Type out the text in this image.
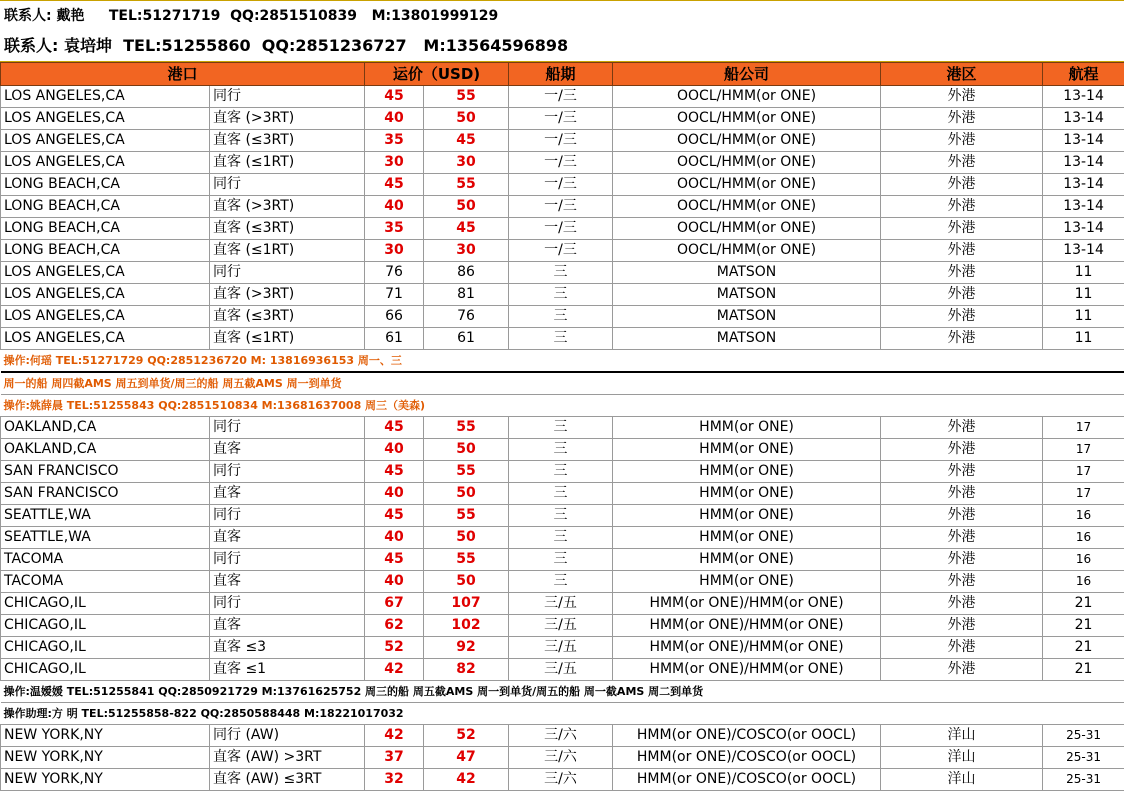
联系人: 戴艳     TEL:51271719  QQ:2851510839   M:13801999129
联系人: 袁培坤  TEL:51255860  QQ:2851236727   M:13564596898
港口		运价（USD)		船期	船公司	港区	航程
LOS ANGELES,CA	同行	45	55	一/三	OOCL/HMM(or ONE)	外港	13-14
LOS ANGELES,CA	直客 (>3RT)	40	50	一/三	OOCL/HMM(or ONE)	外港	13-14
LOS ANGELES,CA	直客 (≤3RT)	35	45	一/三	OOCL/HMM(or ONE)	外港	13-14
LOS ANGELES,CA	直客 (≤1RT)	30	30	一/三	OOCL/HMM(or ONE)	外港	13-14
LONG BEACH,CA	同行	45	55	一/三	OOCL/HMM(or ONE)	外港	13-14
LONG BEACH,CA	直客 (>3RT)	40	50	一/三	OOCL/HMM(or ONE)	外港	13-14
LONG BEACH,CA	直客 (≤3RT)	35	45	一/三	OOCL/HMM(or ONE)	外港	13-14
LONG BEACH,CA	直客 (≤1RT)	30	30	一/三	OOCL/HMM(or ONE)	外港	13-14
LOS ANGELES,CA	同行	76	86	三	MATSON	外港	11
LOS ANGELES,CA	直客 (>3RT)	71	81	三	MATSON	外港	11
LOS ANGELES,CA	直客 (≤3RT)	66	76	三	MATSON	外港	11
LOS ANGELES,CA	直客 (≤1RT)	61	61	三	MATSON	外港	11
操作:何瑶 TEL:51271729 QQ:2851236720 M: 13816936153 周一、三							
周一的船 周四截AMS 周五到单货/周三的船 周五截AMS 周一到单货							
操作:姚薛晨 TEL:51255843 QQ:2851510834 M:13681637008 周三（美森)							
OAKLAND,CA	同行	45	55	三	HMM(or ONE)	外港	17
OAKLAND,CA	直客	40	50	三	HMM(or ONE)	外港	17
SAN FRANCISCO	同行	45	55	三	HMM(or ONE)	外港	17
SAN FRANCISCO	直客	40	50	三	HMM(or ONE)	外港	17
SEATTLE,WA	同行	45	55	三	HMM(or ONE)	外港	16
SEATTLE,WA	直客	40	50	三	HMM(or ONE)	外港	16
TACOMA	同行	45	55	三	HMM(or ONE)	外港	16
TACOMA	直客	40	50	三	HMM(or ONE)	外港	16
CHICAGO,IL	同行	67	107	三/五	HMM(or ONE)/HMM(or ONE)	外港	21
CHICAGO,IL	直客	62	102	三/五	HMM(or ONE)/HMM(or ONE)	外港	21
CHICAGO,IL	直客 ≤3	52	92	三/五	HMM(or ONE)/HMM(or ONE)	外港	21
CHICAGO,IL	直客 ≤1	42	82	三/五	HMM(or ONE)/HMM(or ONE)	外港	21
操作:温嫒媛 TEL:51255841 QQ:2850921729 M:13761625752 周三的船 周五截AMS 周一到单货/周五的船 周一截AMS 周二到单货							
操作助理:方 明 TEL:51255858-822 QQ:2850588448 M:18221017032							
NEW YORK,NY	同行 (AW)	42	52	三/六	HMM(or ONE)/COSCO(or OOCL)	洋山	25-31
NEW YORK,NY	直客 (AW) >3RT	37	47	三/六	HMM(or ONE)/COSCO(or OOCL)	洋山	25-31
NEW YORK,NY	直客 (AW) ≤3RT	32	42	三/六	HMM(or ONE)/COSCO(or OOCL)	洋山	25-31
